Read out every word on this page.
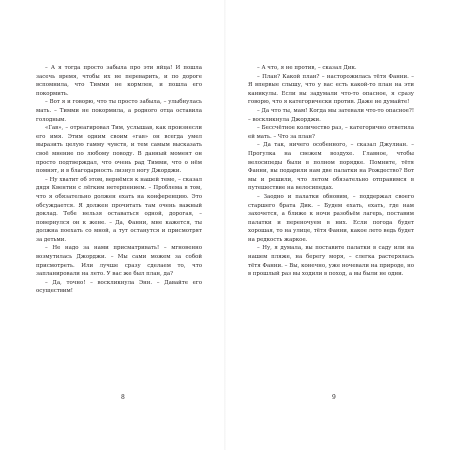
– А я тогда просто забыла про эти яйца! И пошла засечь время, чтобы их не переварить, и по дороге вспомнила, что Тимми не кормлен, и пошла его покормить.

– Вот я и говорю, что ты просто забыла, – улыбнулась мать. – Тимми не покормила, а родного отца оставила голодным.

«Гав», – отреагировал Тим, услышав, как произнесли его имя. Этим одним своим «гав» он всегда умел выразить целую гамму чувств, и тем самым высказать своё мнение по любому поводу. В данный момент он просто подтверждал, что очень рад Тимми, что о нём помнят, и в благодарность лизнул ногу Джорджи.

– Ну хватит об этом, вернёмся к нашей теме, – сказал дядя Квентин с лёгким нетерпением. – Проблема в том, что я обязательно должен ехать на конференцию. Это обсуждается. Я должен прочитать там очень важный доклад. Тебе нельзя оставаться одной, дорогая, – повернулся он к жене. – Да, Фанни, мне кажется, ты должна поехать со мной, а тут останутся и присмотрят за детьми.

– Не надо за нами присматривать! – мгновенно возмутилась Джорджи. – Мы сами можем за собой присмотреть. Или лучше сразу сделаем то, что запланировали на лето. У вас же был план, да?

– Да, точно! – воскликнула Энн. – Давайте его осуществим!

8

– А что, я не против, – сказал Дик.

– План? Какой план? – насторожилась тётя Фанни. – Я впервые слышу, что у вас есть какой-то план на эти каникулы. Если вы задумали что-то опасное, я сразу говорю, что я категорически против. Даже не думайте!

– Да что ты, мам! Когда мы затевали что-то опасное?! – воскликнула Джорджи.

– Бессчётное количество раз, – категорично ответила ей мать. – Что за план?

– Да так, ничего особенного, – сказал Джулиан. – Прогулка на свежем воздухе. Главное, чтобы велосипеды были в полном порядке. Помните, тётя Фанни, вы подарили нам две палатки на Рождество? Вот мы и решили, что летом обязательно отправимся в путешествие на велосипедах.

– Заодно и палатки обновим, – поддержал своего старшего брата Дик. – Будем ехать, ехать, где нам захочется, а ближе к ночи разобьём лагерь, поставим палатки и переночуем в них. Если погода будет хорошая, то на улице, тётя Фанни, какое лето ведь будет на редкость жаркое.

– Ну, я думала, вы поставите палатки в саду или на нашем пляже, на берегу моря, – слегка растерялась тётя Фанни. – Вы, конечно, уже ночевали на природе, но в прошлый раз вы ходили в поход, а вы были не одни.

9
